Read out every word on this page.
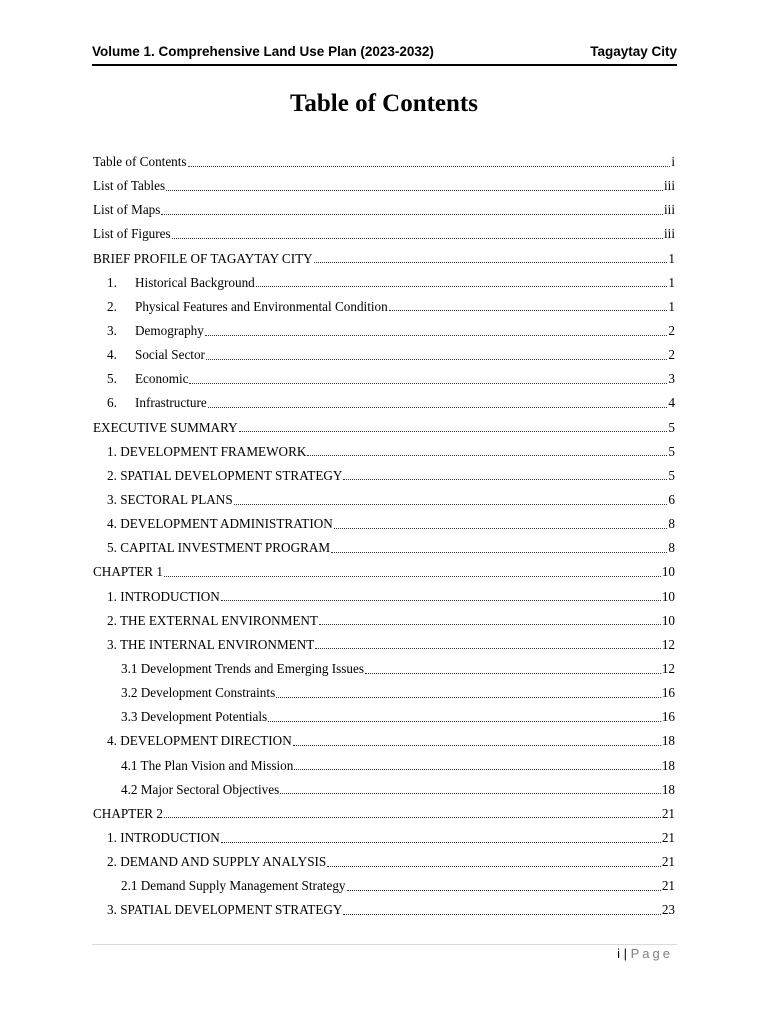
Volume 1. Comprehensive Land Use Plan (2023-2032)	Tagaytay City
Table of Contents
Table of Contents	i
List of Tables	iii
List of Maps	iii
List of Figures	iii
BRIEF PROFILE OF TAGAYTAY CITY	1
1.	Historical Background	1
2.	Physical Features and Environmental Condition	1
3.	Demography	2
4.	Social Sector	2
5.	Economic	3
6.	Infrastructure	4
EXECUTIVE SUMMARY	5
1. DEVELOPMENT FRAMEWORK	5
2. SPATIAL DEVELOPMENT STRATEGY	5
3. SECTORAL PLANS	6
4. DEVELOPMENT ADMINISTRATION	8
5. CAPITAL INVESTMENT PROGRAM	8
CHAPTER 1	10
1. INTRODUCTION	10
2. THE EXTERNAL ENVIRONMENT	10
3. THE INTERNAL ENVIRONMENT	12
3.1 Development Trends and Emerging Issues	12
3.2 Development Constraints	16
3.3 Development Potentials	16
4. DEVELOPMENT DIRECTION	18
4.1 The Plan Vision and Mission	18
4.2 Major Sectoral Objectives	18
CHAPTER 2	21
1. INTRODUCTION	21
2. DEMAND AND SUPPLY ANALYSIS	21
2.1 Demand Supply Management Strategy	21
3. SPATIAL DEVELOPMENT STRATEGY	23
i | Page
